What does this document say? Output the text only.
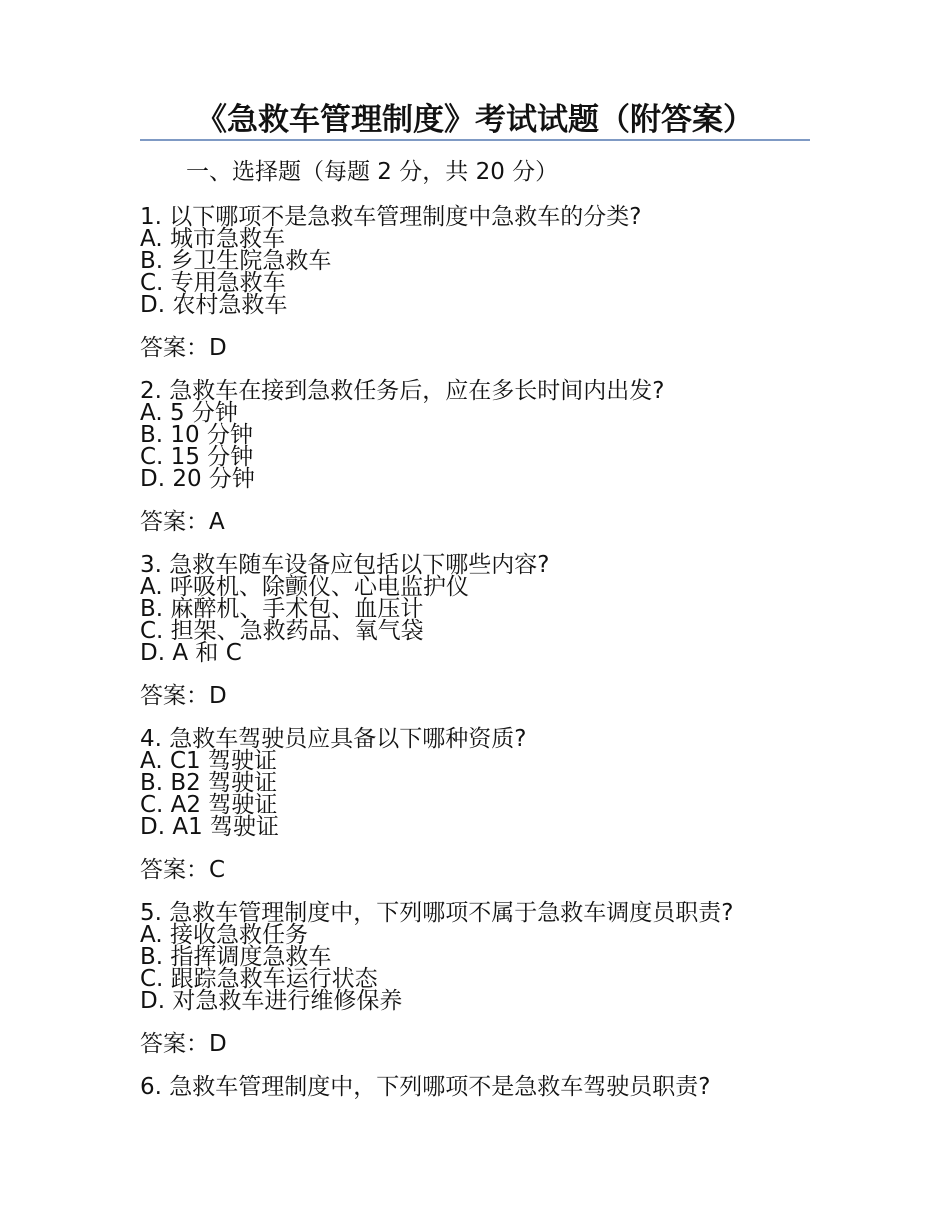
《急救车管理制度》考试试题（附答案）
一、选择题（每题 2 分，共 20 分）
1. 以下哪项不是急救车管理制度中急救车的分类?
A. 城市急救车
B. 乡卫生院急救车
C. 专用急救车
D. 农村急救车
答案：D
2. 急救车在接到急救任务后，应在多长时间内出发?
A. 5 分钟
B. 10 分钟
C. 15 分钟
D. 20 分钟
答案：A
3. 急救车随车设备应包括以下哪些内容?
A. 呼吸机、除颤仪、心电监护仪
B. 麻醉机、手术包、血压计
C. 担架、急救药品、氧气袋
D. A 和 C
答案：D
4. 急救车驾驶员应具备以下哪种资质?
A. C1 驾驶证
B. B2 驾驶证
C. A2 驾驶证
D. A1 驾驶证
答案：C
5. 急救车管理制度中，下列哪项不属于急救车调度员职责?
A. 接收急救任务
B. 指挥调度急救车
C. 跟踪急救车运行状态
D. 对急救车进行维修保养
答案：D
6. 急救车管理制度中，下列哪项不是急救车驾驶员职责?
